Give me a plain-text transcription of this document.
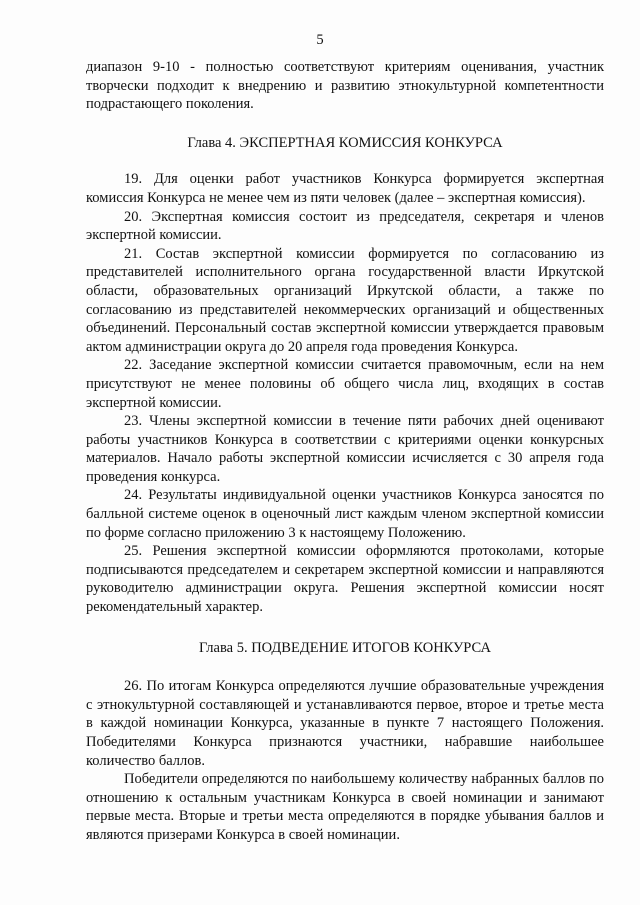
5

диапазон 9-10 - полностью соответствуют критериям оценивания, участник творчески подходит к внедрению и развитию этнокультурной компетентности подрастающего поколения.

Глава 4. ЭКСПЕРТНАЯ КОМИССИЯ КОНКУРСА

19. Для оценки работ участников Конкурса формируется экспертная комиссия Конкурса не менее чем из пяти человек (далее – экспертная комиссия).

20. Экспертная комиссия состоит из председателя, секретаря и членов экспертной комиссии.

21. Состав экспертной комиссии формируется по согласованию из представителей исполнительного органа государственной власти Иркутской области, образовательных организаций Иркутской области, а также по согласованию из представителей некоммерческих организаций и общественных объединений. Персональный состав экспертной комиссии утверждается правовым актом администрации округа до 20 апреля года проведения Конкурса.

22. Заседание экспертной комиссии считается правомочным, если на нем присутствуют не менее половины об общего числа лиц, входящих в состав экспертной комиссии.

23. Члены экспертной комиссии в течение пяти рабочих дней оценивают работы участников Конкурса в соответствии с критериями оценки конкурсных материалов. Начало работы экспертной комиссии исчисляется с 30 апреля года проведения конкурса.

24. Результаты индивидуальной оценки участников Конкурса заносятся по балльной системе оценок в оценочный лист каждым членом экспертной комиссии по форме согласно приложению 3 к настоящему Положению.

25. Решения экспертной комиссии оформляются протоколами, которые подписываются председателем и секретарем экспертной комиссии и направляются руководителю администрации округа. Решения экспертной комиссии носят рекомендательный характер.

Глава 5. ПОДВЕДЕНИЕ ИТОГОВ КОНКУРСА

26. По итогам Конкурса определяются лучшие образовательные учреждения с этнокультурной составляющей и устанавливаются первое, второе и третье места в каждой номинации Конкурса, указанные в пункте 7 настоящего Положения. Победителями Конкурса признаются участники, набравшие наибольшее количество баллов.

Победители определяются по наибольшему количеству набранных баллов по отношению к остальным участникам Конкурса в своей номинации и занимают первые места. Вторые и третьи места определяются в порядке убывания баллов и являются призерами Конкурса в своей номинации.
